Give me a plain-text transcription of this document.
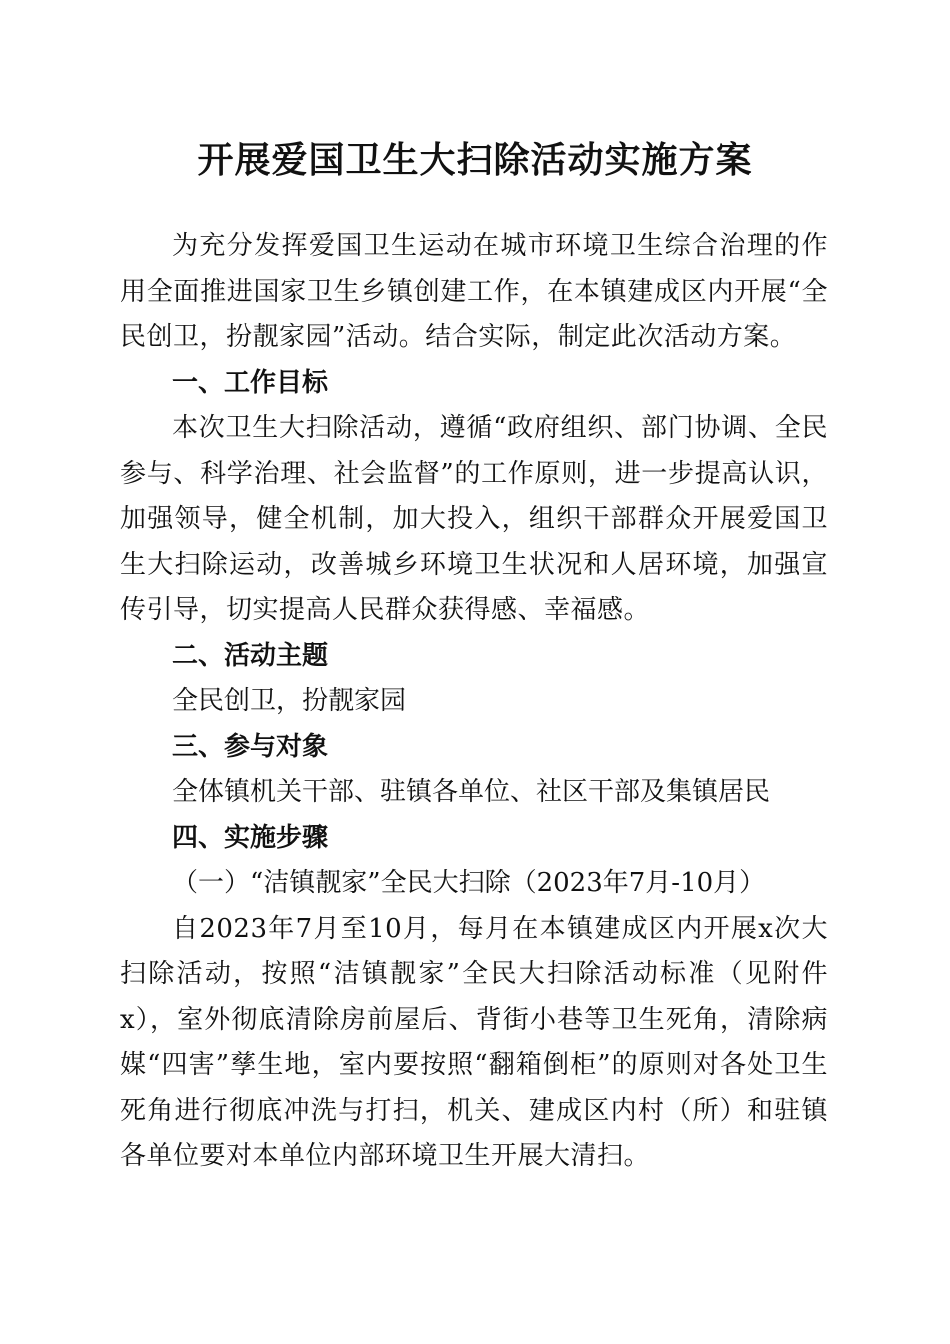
开展爱国卫生大扫除活动实施方案

为充分发挥爱国卫生运动在城市环境卫生综合治理的作用全面推进国家卫生乡镇创建工作，在本镇建成区内开展“全民创卫，扮靓家园”活动。结合实际，制定此次活动方案。

一、工作目标

本次卫生大扫除活动，遵循“政府组织、部门协调、全民参与、科学治理、社会监督”的工作原则，进一步提高认识，加强领导，健全机制，加大投入，组织干部群众开展爱国卫生大扫除运动，改善城乡环境卫生状况和人居环境，加强宣传引导，切实提高人民群众获得感、幸福感。

二、活动主题

全民创卫，扮靓家园

三、参与对象

全体镇机关干部、驻镇各单位、社区干部及集镇居民

四、实施步骤

（一）“洁镇靓家”全民大扫除（2023年7月-10月）

自2023年7月至10月，每月在本镇建成区内开展x次大扫除活动，按照“洁镇靓家”全民大扫除活动标准（见附件x），室外彻底清除房前屋后、背街小巷等卫生死角，清除病媒“四害”孳生地，室内要按照“翻箱倒柜”的原则对各处卫生死角进行彻底冲洗与打扫，机关、建成区内村（所）和驻镇各单位要对本单位内部环境卫生开展大清扫。
